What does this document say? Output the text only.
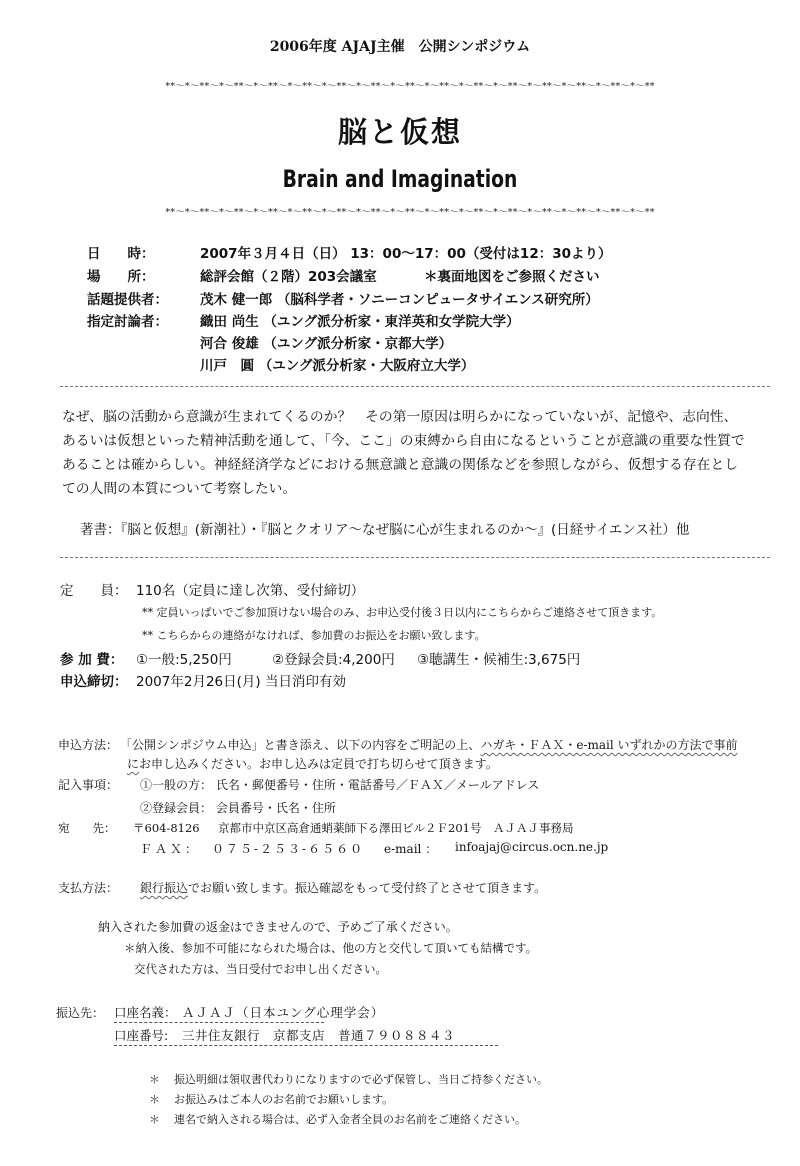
2006年度 AJAJ主催　公開シンポジウム
**～*～**～*～**～*～**～*～**～*～**～*～**～*～**～*～**～*～**～*～**～*～**～*～**～*～**～*～**
脳と仮想
Brain and Imagination
**～*～**～*～**～*～**～*～**～*～**～*～**～*～**～*～**～*～**～*～**～*～**～*～**～*～**～*～**
日　　時：	2007年３月４日（日） 13：00～17：00（受付は12：30より）
場　　所：	総評会館（２階）203会議室	＊裏面地図をご参照ください
話題提供者： 茂木 健一郎 （脳科学者・ソニーコンピュータサイエンス研究所）
指定討論者： 織田 尚生 （ユング派分析家・東洋英和女学院大学）
河合 俊雄 （ユング派分析家・京都大学）
川戸　圓 （ユング派分析家・大阪府立大学）
なぜ、脳の活動から意識が生まれてくるのか？　その第一原因は明らかになっていないが、記憶や、志向性、
あるいは仮想といった精神活動を通して、「今、ここ」の束縛から自由になるということが意識の重要な性質で
あることは確からしい。神経経済学などにおける無意識と意識の関係などを参照しながら、仮想する存在とし
ての人間の本質について考察したい。
著書：『脳と仮想』(新潮社）・『脳とクオリア～なぜ脳に心が生まれるのか～』(日経サイエンス社）他
定　　員： 110名（定員に達し次第、受付締切）
** 定員いっぱいでご参加頂けない場合のみ、お申込受付後３日以内にこちらからご連絡させて頂きます。
** こちらからの連絡がなければ、参加費のお振込をお願い致します。
参 加 費： ①一般:5,250円	②登録会員:4,200円 ③聴講生・候補生:3,675円
申込締切： 2007年2月26日(月) 当日消印有効
申込方法： 「公開シンポジウム申込」と書き添え、以下の内容をご明記の上、ハガキ・ＦＡＸ・e-mail いずれかの方法で事前
にお申し込みください。お申し込みは定員で打ち切らせて頂きます。
記入事項： ①一般の方： 氏名・郵便番号・住所・電話番号／ＦＡＸ／メールアドレス
②登録会員： 会員番号・氏名・住所
宛　　先： 〒604-8126 京都市中京区高倉通蛸薬師下る澤田ビル２Ｆ201号　ＡＪＡＪ事務局
ＦＡＸ： ０７５-２５３-６５６０ e-mail ： infoajaj@circus.ocn.ne.jp
支払方法： 銀行振込でお願い致します。振込確認をもって受付終了とさせて頂きます。
納入された参加費の返金はできませんので、予めご了承ください。
＊納入後、参加不可能になられた場合は、他の方と交代して頂いても結構です。
交代された方は、当日受付でお申し出ください。
振込先： 口座名義： ＡＪＡＪ（日本ユング心理学会）
口座番号: 三井住友銀行　京都支店　普通７９０８８４３
＊ 振込明細は領収書代わりになりますので必ず保管し、当日ご持参ください。
＊ お振込みはご本人のお名前でお願いします。
＊ 連名で納入される場合は、必ず入金者全員のお名前をご連絡ください。
